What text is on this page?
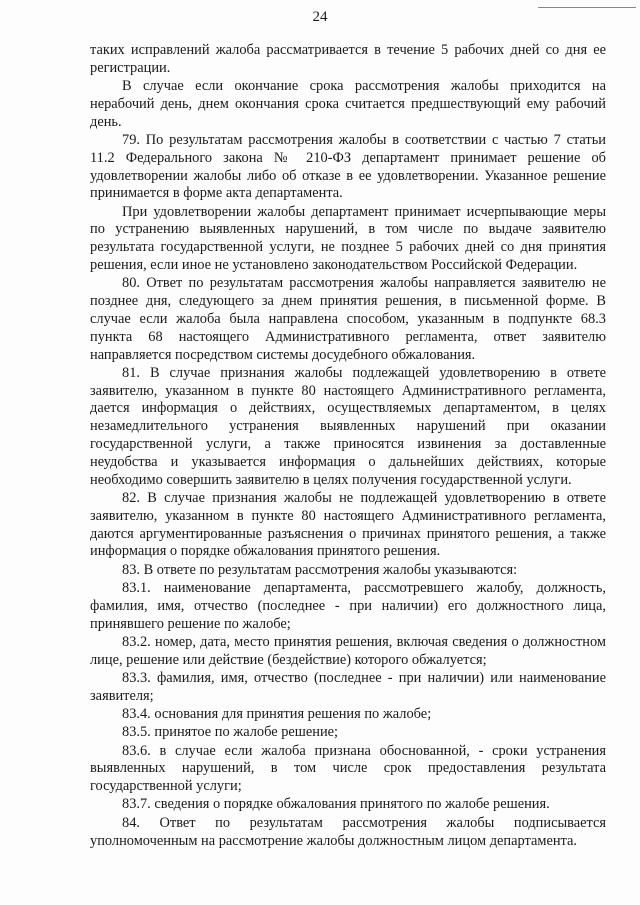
24

таких исправлений жалоба рассматривается в течение 5 рабочих дней со дня ее регистрации.

В случае если окончание срока рассмотрения жалобы приходится на нерабочий день, днем окончания срока считается предшествующий ему рабочий день.

79. По результатам рассмотрения жалобы в соответствии с частью 7 статьи 11.2 Федерального закона № 210-ФЗ департамент принимает решение об удовлетворении жалобы либо об отказе в ее удовлетворении. Указанное решение принимается в форме акта департамента.

При удовлетворении жалобы департамент принимает исчерпывающие меры по устранению выявленных нарушений, в том числе по выдаче заявителю результата государственной услуги, не позднее 5 рабочих дней со дня принятия решения, если иное не установлено законодательством Российской Федерации.

80. Ответ по результатам рассмотрения жалобы направляется заявителю не позднее дня, следующего за днем принятия решения, в письменной форме. В случае если жалоба была направлена способом, указанным в подпункте 68.3 пункта 68 настоящего Административного регламента, ответ заявителю направляется посредством системы досудебного обжалования.

81. В случае признания жалобы подлежащей удовлетворению в ответе заявителю, указанном в пункте 80 настоящего Административного регламента, дается информация о действиях, осуществляемых департаментом, в целях незамедлительного устранения выявленных нарушений при оказании государственной услуги, а также приносятся извинения за доставленные неудобства и указывается информация о дальнейших действиях, которые необходимо совершить заявителю в целях получения государственной услуги.

82. В случае признания жалобы не подлежащей удовлетворению в ответе заявителю, указанном в пункте 80 настоящего Административного регламента, даются аргументированные разъяснения о причинах принятого решения, а также информация о порядке обжалования принятого решения.

83. В ответе по результатам рассмотрения жалобы указываются:

83.1. наименование департамента, рассмотревшего жалобу, должность, фамилия, имя, отчество (последнее - при наличии) его должностного лица, принявшего решение по жалобе;

83.2. номер, дата, место принятия решения, включая сведения о должностном лице, решение или действие (бездействие) которого обжалуется;

83.3. фамилия, имя, отчество (последнее - при наличии) или наименование заявителя;

83.4. основания для принятия решения по жалобе;

83.5. принятое по жалобе решение;

83.6. в случае если жалоба признана обоснованной, - сроки устранения выявленных нарушений, в том числе срок предоставления результата государственной услуги;

83.7. сведения о порядке обжалования принятого по жалобе решения.

84. Ответ по результатам рассмотрения жалобы подписывается уполномоченным на рассмотрение жалобы должностным лицом департамента.
